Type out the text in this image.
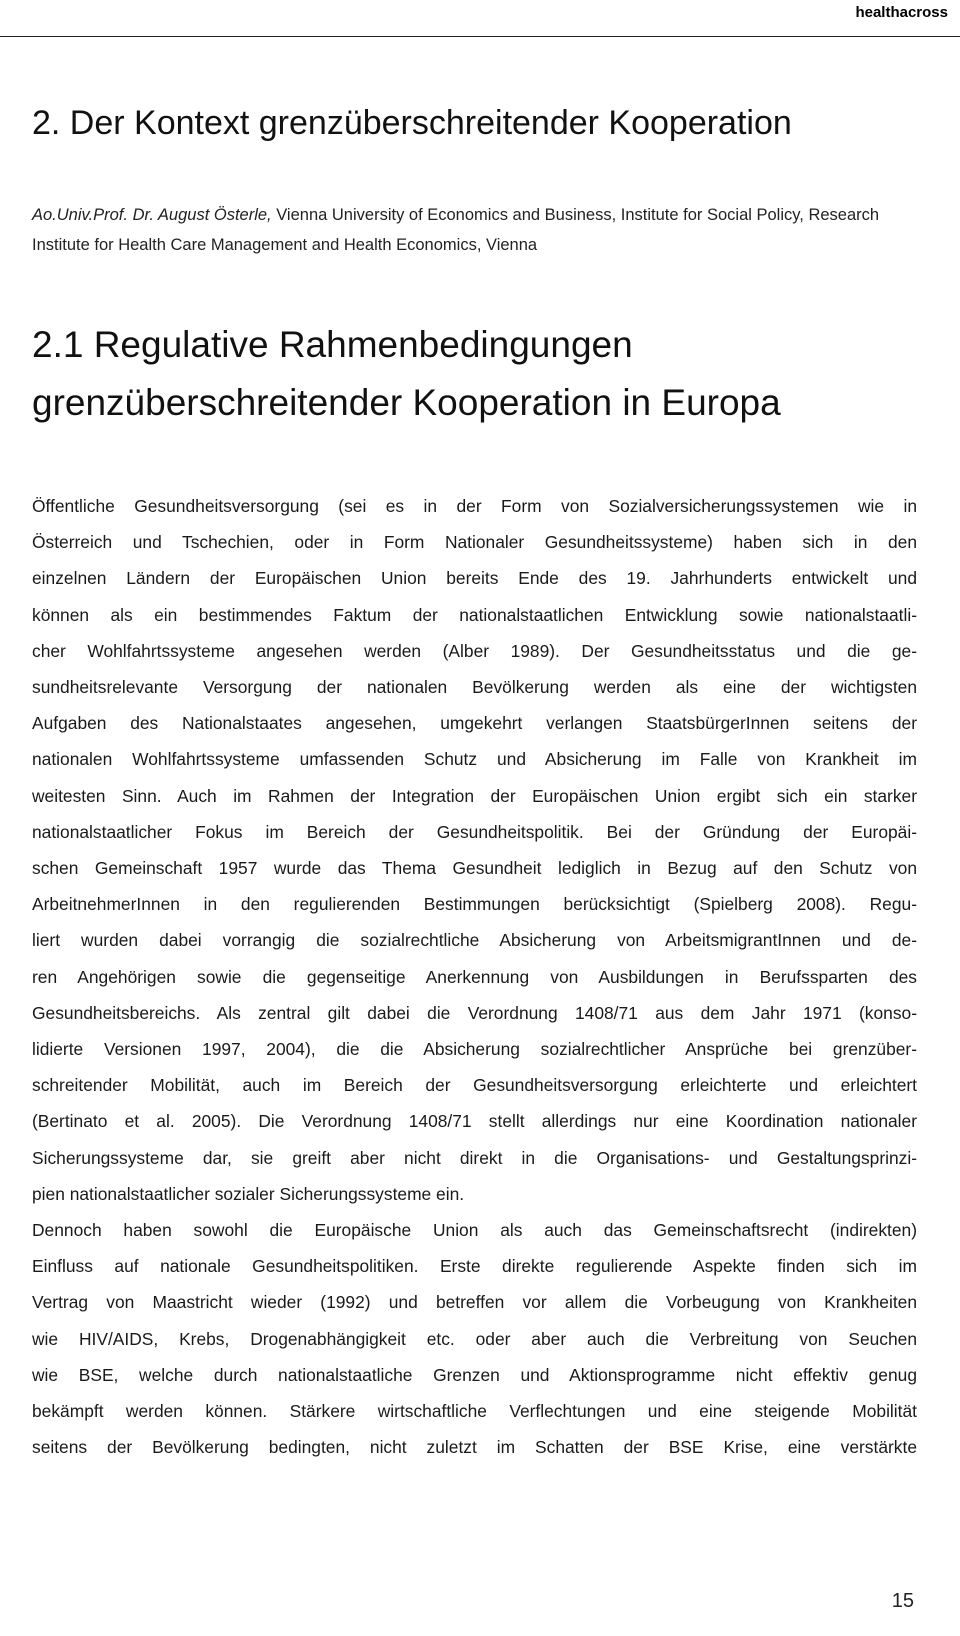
healthacross
2. Der Kontext grenzüberschreitender Kooperation

Ao.Univ.Prof. Dr. August Österle, Vienna University of Economics and Business, Institute for Social Policy, Research
Institute for Health Care Management and Health Economics, Vienna

2.1 Regulative Rahmenbedingungen
grenzüberschreitender Kooperation in Europa
Öffentliche Gesundheitsversorgung (sei es in der Form von Sozialversicherungssystemen wie in
Österreich und Tschechien, oder in Form Nationaler Gesundheitssysteme) haben sich in den
einzelnen Ländern der Europäischen Union bereits Ende des 19. Jahrhunderts entwickelt und
können als ein bestimmendes Faktum der nationalstaatlichen Entwicklung sowie nationalstaatli-
cher Wohlfahrtssysteme angesehen werden (Alber 1989). Der Gesundheitsstatus und die ge-
sundheitsrelevante Versorgung der nationalen Bevölkerung werden als eine der wichtigsten
Aufgaben des Nationalstaates angesehen, umgekehrt verlangen StaatsbürgerInnen seitens der
nationalen Wohlfahrtssysteme umfassenden Schutz und Absicherung im Falle von Krankheit im
weitesten Sinn. Auch im Rahmen der Integration der Europäischen Union ergibt sich ein starker
nationalstaatlicher Fokus im Bereich der Gesundheitspolitik. Bei der Gründung der Europäi-
schen Gemeinschaft 1957 wurde das Thema Gesundheit lediglich in Bezug auf den Schutz von
ArbeitnehmerInnen in den regulierenden Bestimmungen berücksichtigt (Spielberg 2008). Regu-
liert wurden dabei vorrangig die sozialrechtliche Absicherung von ArbeitsmigrantInnen und de-
ren Angehörigen sowie die gegenseitige Anerkennung von Ausbildungen in Berufssparten des
Gesundheitsbereichs. Als zentral gilt dabei die Verordnung 1408/71 aus dem Jahr 1971 (konso-
lidierte Versionen 1997, 2004), die die Absicherung sozialrechtlicher Ansprüche bei grenzüber-
schreitender Mobilität, auch im Bereich der Gesundheitsversorgung erleichterte und erleichtert
(Bertinato et al. 2005). Die Verordnung 1408/71 stellt allerdings nur eine Koordination nationaler
Sicherungssysteme dar, sie greift aber nicht direkt in die Organisations- und Gestaltungsprinzi-
pien nationalstaatlicher sozialer Sicherungssysteme ein.
Dennoch haben sowohl die Europäische Union als auch das Gemeinschaftsrecht (indirekten)
Einfluss auf nationale Gesundheitspolitiken. Erste direkte regulierende Aspekte finden sich im
Vertrag von Maastricht wieder (1992) und betreffen vor allem die Vorbeugung von Krankheiten
wie HIV/AIDS, Krebs, Drogenabhängigkeit etc. oder aber auch die Verbreitung von Seuchen
wie BSE, welche durch nationalstaatliche Grenzen und Aktionsprogramme nicht effektiv genug
bekämpft werden können. Stärkere wirtschaftliche Verflechtungen und eine steigende Mobilität
seitens der Bevölkerung bedingten, nicht zuletzt im Schatten der BSE Krise, eine verstärkte
15
